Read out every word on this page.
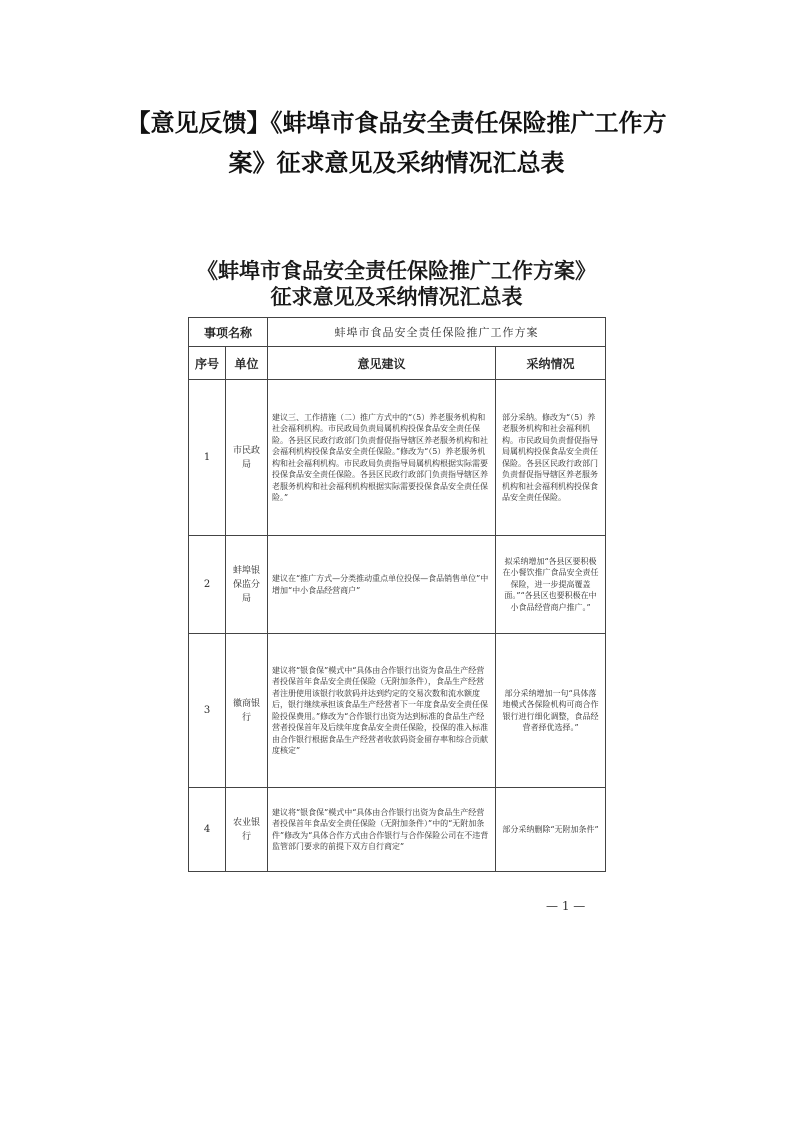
【意见反馈】《蚌埠市食品安全责任保险推广工作方
案》征求意见及采纳情况汇总表
《蚌埠市食品安全责任保险推广工作方案》
征求意见及采纳情况汇总表
事项名称		蚌埠市食品安全责任保险推广工作方案	
序号	单位	意见建议	采纳情况
1	市民政局	建议三、工作措施（二）推广方式中的“（5）养老服务机构和社会福利机构。市民政局负责局属机构投保食品安全责任保险。各县区民政行政部门负责督促指导辖区养老服务机构和社会福利机构投保食品安全责任保险。”修改为“（5）养老服务机构和社会福利机构。市民政局负责指导局属机构根据实际需要投保食品安全责任保险。各县区民政行政部门负责指导辖区养老服务机构和社会福利机构根据实际需要投保食品安全责任保险。”	部分采纳。修改为“（5）养老服务机构和社会福利机构。市民政局负责督促指导局属机构投保食品安全责任保险。各县区民政行政部门负责督促指导辖区养老服务机构和社会福利机构投保食品安全责任保险。
2	蚌埠银保监分局	建议在“推广方式—分类推动重点单位投保—食品销售单位”中增加“中小食品经营商户”	拟采纳增加“各县区要积极在小餐饮推广食品安全责任保险，进一步提高覆盖面。”“各县区也要积极在中小食品经营商户推广。”
3	徽商银行	建议将“银食保”模式中“具体由合作银行出资为食品生产经营者投保首年食品安全责任保险（无附加条件），食品生产经营者注册使用该银行收款码并达到约定的交易次数和流水额度后，银行继续承担该食品生产经营者下一年度食品安全责任保险投保费用。”修改为“合作银行出资为达到标准的食品生产经营者投保首年及后续年度食品安全责任保险，投保的准入标准由合作银行根据食品生产经营者收款码资金留存率和综合贡献度核定”	部分采纳增加一句“具体落地模式各保险机构可商合作银行进行细化调整，食品经营者择优选择。”
4	农业银行	建议将“银食保”模式中“具体由合作银行出资为食品生产经营者投保首年食品安全责任保险（无附加条件）”中的“无附加条件”修改为“具体合作方式由合作银行与合作保险公司在不违背监管部门要求的前提下双方自行商定”	部分采纳删除“无附加条件”
— 1 —
